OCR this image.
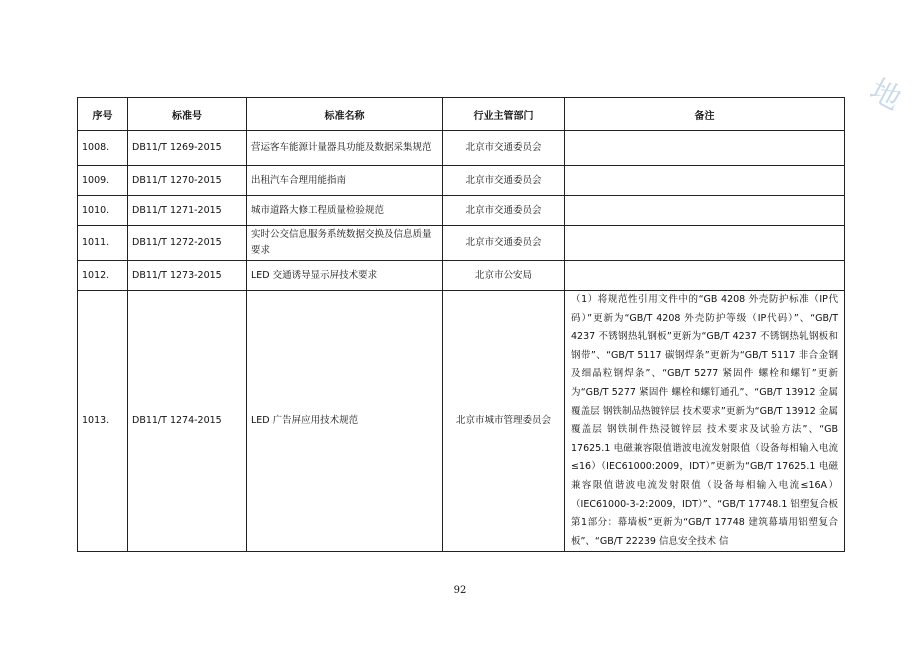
地
序号	标准号	标准名称	行业主管部门	备注
1008.	DB11/T 1269-2015	营运客车能源计量器具功能及数据采集规范	北京市交通委员会	
1009.	DB11/T 1270-2015	出租汽车合理用能指南	北京市交通委员会	
1010.	DB11/T 1271-2015	城市道路大修工程质量检验规范	北京市交通委员会	
1011.	DB11/T 1272-2015	实时公交信息服务系统数据交换及信息质量要求	北京市交通委员会	
1012.	DB11/T 1273-2015	LED 交通诱导显示屏技术要求	北京市公安局	
1013.	DB11/T 1274-2015	LED 广告屏应用技术规范	北京市城市管理委员会	（1）将规范性引用文件中的“GB 4208 外壳防护标准（IP代码）”更新为“GB/T 4208 外壳防护等级（IP代码）”、“GB/T 4237 不锈钢热轧钢板”更新为“GB/T 4237 不锈钢热轧钢板和钢带”、“GB/T 5117 碳钢焊条”更新为“GB/T 5117 非合金钢及细晶粒钢焊条”、“GB/T 5277 紧固件 螺栓和螺钉”更新为“GB/T 5277 紧固件 螺栓和螺钉通孔”、“GB/T 13912 金属覆盖层 钢铁制品热镀锌层 技术要求”更新为“GB/T 13912 金属覆盖层 钢铁制件热浸镀锌层 技术要求及试验方法”、“GB 17625.1 电磁兼容限值谐波电流发射限值（设备每相输入电流≤16）（IEC61000:2009，IDT）”更新为“GB/T 17625.1 电磁兼容限值谐波电流发射限值（设备每相输入电流≤16A）（IEC61000-3-2:2009，IDT）”、“GB/T 17748.1 铝塑复合板 第1部分：幕墙板”更新为“GB/T 17748 建筑幕墙用铝塑复合板”、“GB/T 22239 信息安全技术 信
92
